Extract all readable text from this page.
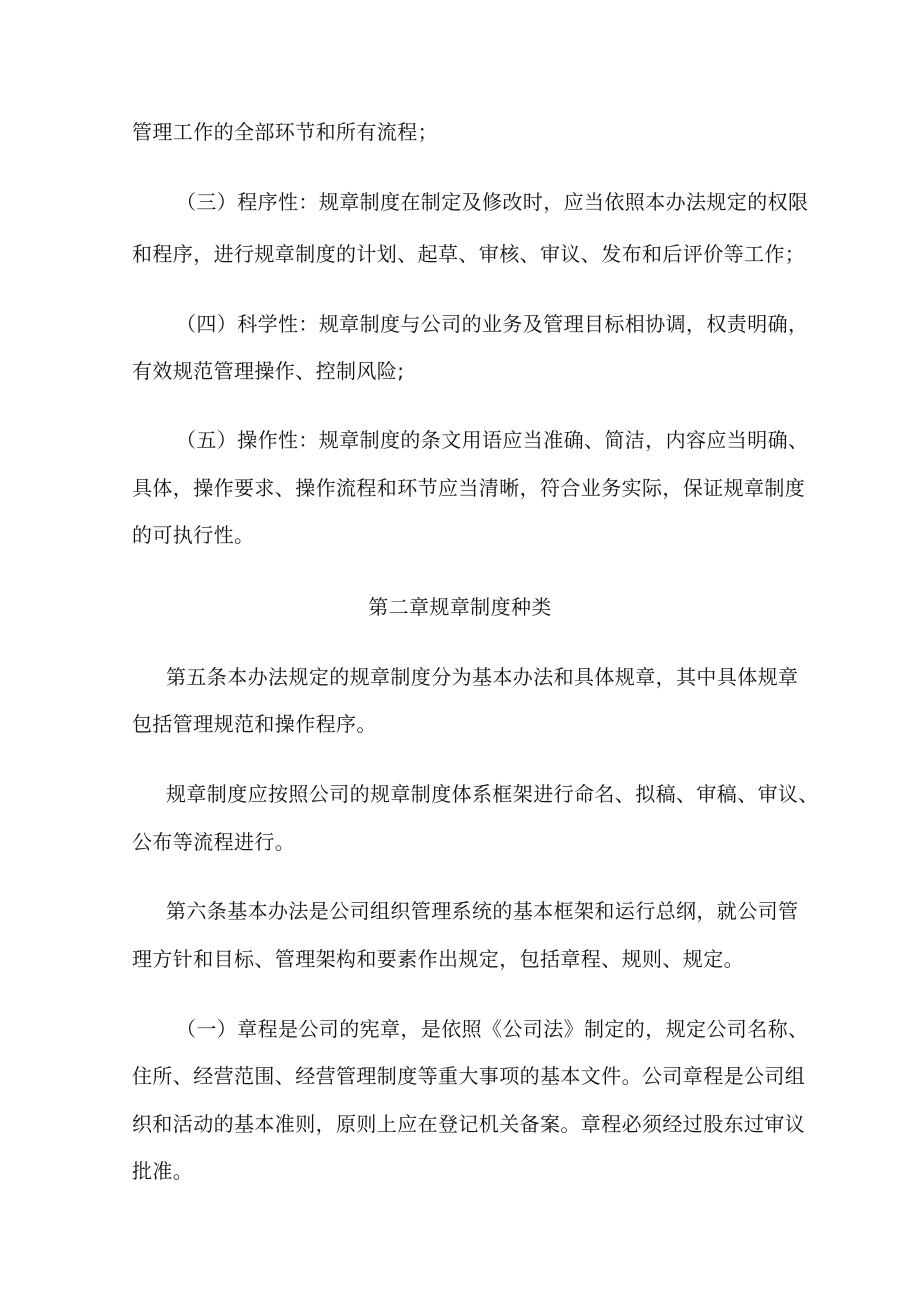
管理工作的全部环节和所有流程；
（三）程序性：规章制度在制定及修改时，应当依照本办法规定的权限
和程序，进行规章制度的计划、起草、审核、审议、发布和后评价等工作；
（四）科学性：规章制度与公司的业务及管理目标相协调，权责明确，
有效规范管理操作、控制风险;
（五）操作性：规章制度的条文用语应当准确、简洁，内容应当明确、
具体，操作要求、操作流程和环节应当清晰，符合业务实际，保证规章制度
的可执行性。
第二章规章制度种类
第五条本办法规定的规章制度分为基本办法和具体规章，其中具体规章
包括管理规范和操作程序。
规章制度应按照公司的规章制度体系框架进行命名、拟稿、审稿、审议、
公布等流程进行。
第六条基本办法是公司组织管理系统的基本框架和运行总纲，就公司管
理方针和目标、管理架构和要素作出规定，包括章程、规则、规定。
（一）章程是公司的宪章，是依照《公司法》制定的，规定公司名称、
住所、经营范围、经营管理制度等重大事项的基本文件。公司章程是公司组
织和活动的基本准则，原则上应在登记机关备案。章程必须经过股东过审议
批准。
